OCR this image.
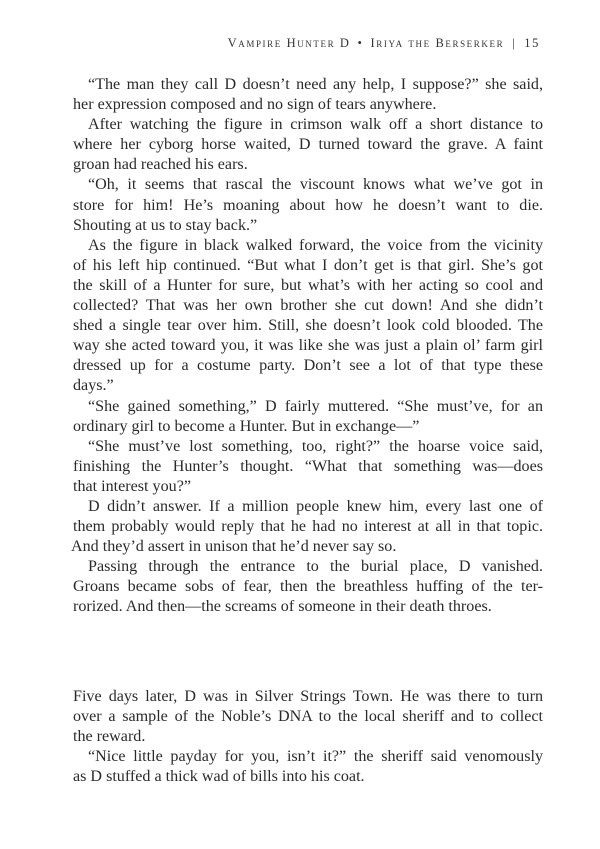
Vampire Hunter D • Iriya the Berserker | 15
“The man they call D doesn’t need any help, I suppose?” she said,
her expression composed and no sign of tears anywhere.
After watching the figure in crimson walk off a short distance to
where her cyborg horse waited, D turned toward the grave. A faint
groan had reached his ears.
“Oh, it seems that rascal the viscount knows what we’ve got in
store for him! He’s moaning about how he doesn’t want to die.
Shouting at us to stay back.”
As the figure in black walked forward, the voice from the vicinity
of his left hip continued. “But what I don’t get is that girl. She’s got
the skill of a Hunter for sure, but what’s with her acting so cool and
collected? That was her own brother she cut down! And she didn’t
shed a single tear over him. Still, she doesn’t look cold blooded. The
way she acted toward you, it was like she was just a plain ol’ farm girl
dressed up for a costume party. Don’t see a lot of that type these
days.”
“She gained something,” D fairly muttered. “She must’ve, for an
ordinary girl to become a Hunter. But in exchange—”
“She must’ve lost something, too, right?” the hoarse voice said,
finishing the Hunter’s thought. “What that something was—does
that interest you?”
D didn’t answer. If a million people knew him, every last one of
them probably would reply that he had no interest at all in that topic.
And they’d assert in unison that he’d never say so.
Passing through the entrance to the burial place, D vanished.
Groans became sobs of fear, then the breathless huffing of the ter-
rorized. And then—the screams of someone in their death throes.
Five days later, D was in Silver Strings Town. He was there to turn
over a sample of the Noble’s DNA to the local sheriff and to collect
the reward.
“Nice little payday for you, isn’t it?” the sheriff said venomously
as D stuffed a thick wad of bills into his coat.
